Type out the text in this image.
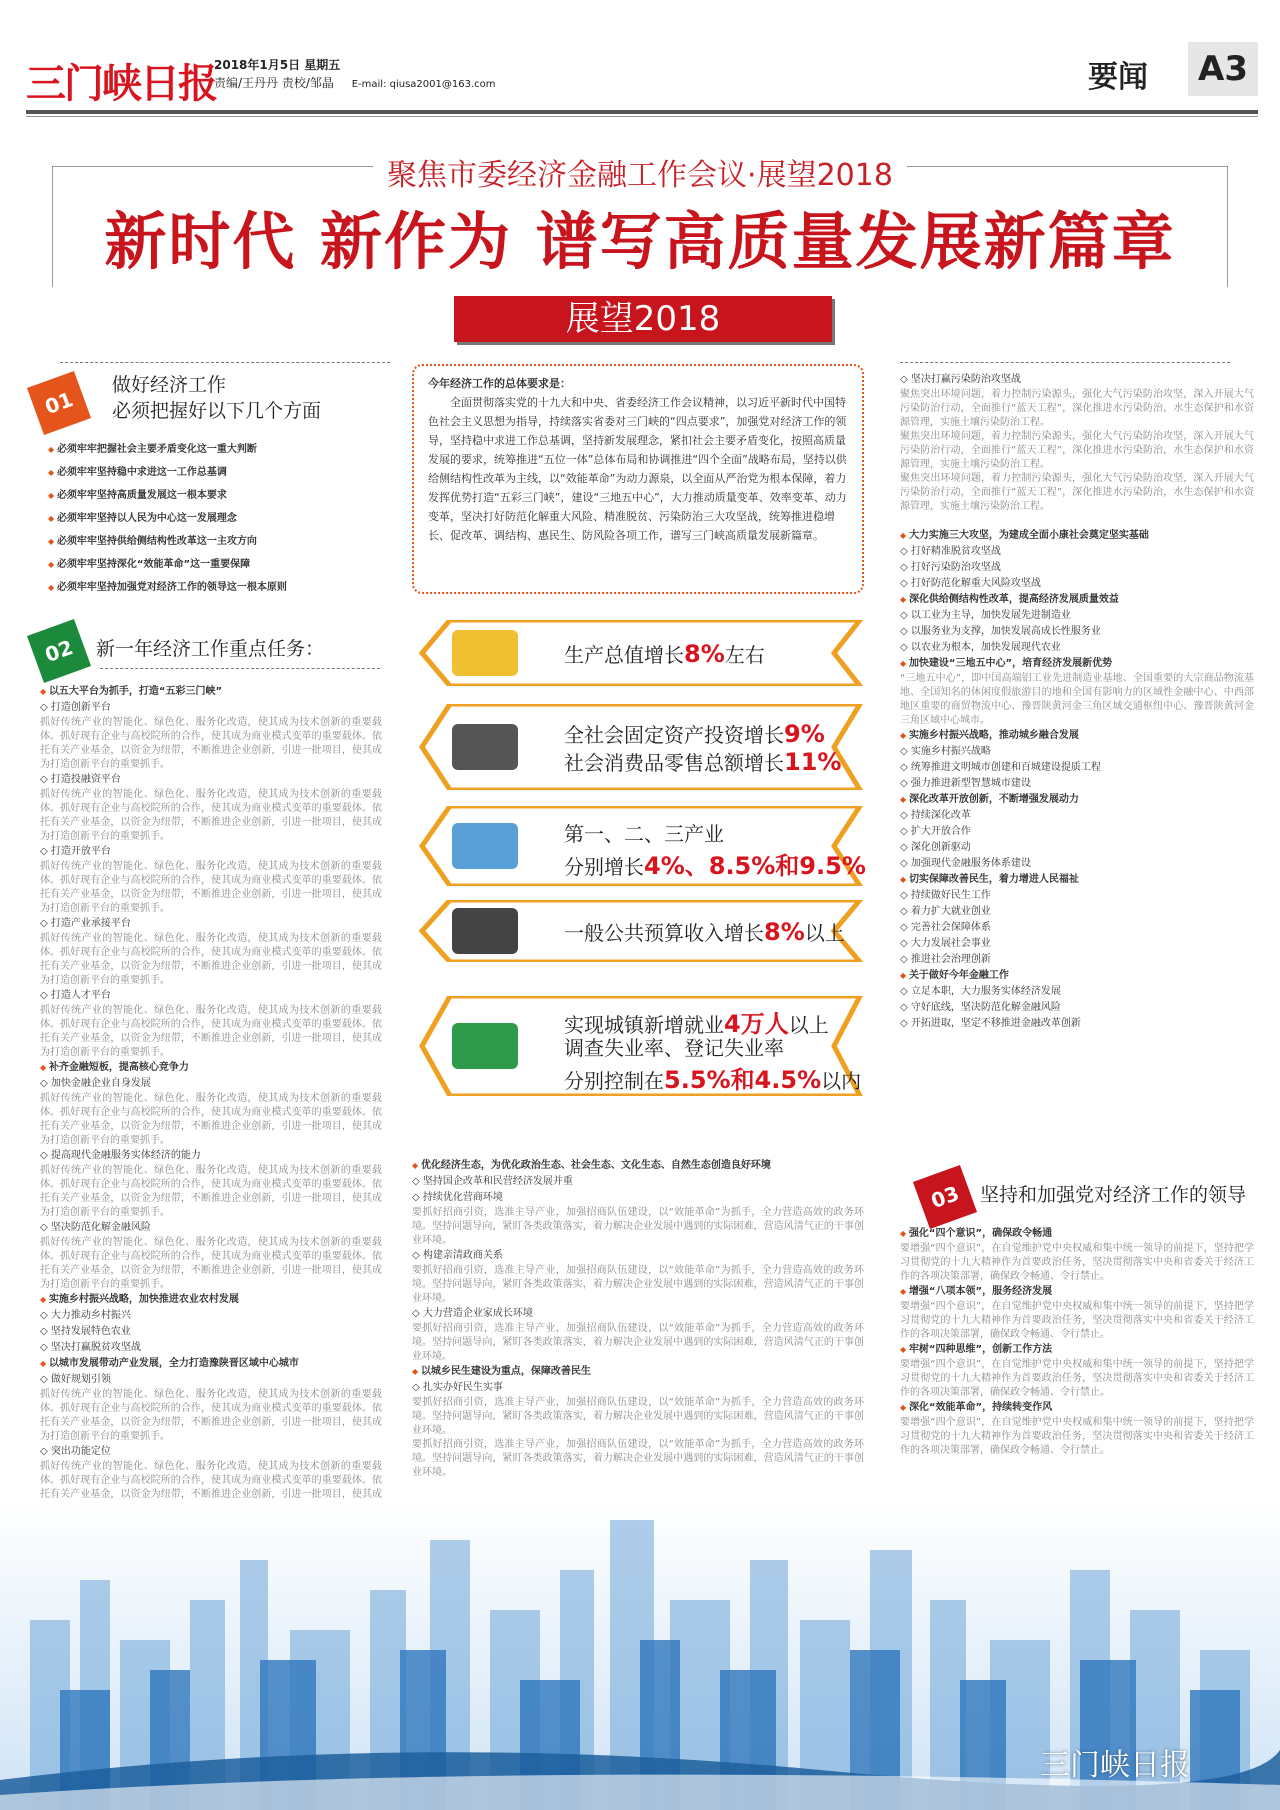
三门峡日报
2018年1月5日 星期五
责编/王丹丹 责校/邹晶 E-mail: qiusa2001@163.com	要闻 A3
聚焦市委经济金融工作会议·展望2018
新时代 新作为 谱写高质量发展新篇章
展望2018
01
做好经济工作
必须把握好以下几个方面
◆ 必须牢牢把握社会主要矛盾变化这一重大判断
◆ 必须牢牢坚持稳中求进这一工作总基调
◆ 必须牢牢坚持高质量发展这一根本要求
◆ 必须牢牢坚持以人民为中心这一发展理念
◆ 必须牢牢坚持供给侧结构性改革这一主攻方向
◆ 必须牢牢坚持深化“效能革命”这一重要保障
◆ 必须牢牢坚持加强党对经济工作的领导这一根本原则
02	新一年经济工作重点任务：
◆ 以五大平台为抓手，打造“五彩三门峡”
◇ 打造创新平台
抓好传统产业的智能化、绿色化、服务化改造，使其成为技术创新的重要载体。抓好现有企业与高校院所的合作，使其成为商业模式变革的重要载体。依托有关产业基金，以资金为纽带，不断推进企业创新，引进一批项目，使其成为打造创新平台的重要抓手。
◇ 打造投融资平台
抓好传统产业的智能化、绿色化、服务化改造，使其成为技术创新的重要载体。抓好现有企业与高校院所的合作，使其成为商业模式变革的重要载体。依托有关产业基金，以资金为纽带，不断推进企业创新，引进一批项目，使其成为打造创新平台的重要抓手。
◇ 打造开放平台
抓好传统产业的智能化、绿色化、服务化改造，使其成为技术创新的重要载体。抓好现有企业与高校院所的合作，使其成为商业模式变革的重要载体。依托有关产业基金，以资金为纽带，不断推进企业创新，引进一批项目，使其成为打造创新平台的重要抓手。
◇ 打造产业承接平台
抓好传统产业的智能化、绿色化、服务化改造，使其成为技术创新的重要载体。抓好现有企业与高校院所的合作，使其成为商业模式变革的重要载体。依托有关产业基金，以资金为纽带，不断推进企业创新，引进一批项目，使其成为打造创新平台的重要抓手。
◇ 打造人才平台
抓好传统产业的智能化、绿色化、服务化改造，使其成为技术创新的重要载体。抓好现有企业与高校院所的合作，使其成为商业模式变革的重要载体。依托有关产业基金，以资金为纽带，不断推进企业创新，引进一批项目，使其成为打造创新平台的重要抓手。
◆ 补齐金融短板，提高核心竞争力
◇ 加快金融企业自身发展
抓好传统产业的智能化、绿色化、服务化改造，使其成为技术创新的重要载体。抓好现有企业与高校院所的合作，使其成为商业模式变革的重要载体。依托有关产业基金，以资金为纽带，不断推进企业创新，引进一批项目，使其成为打造创新平台的重要抓手。
◇ 提高现代金融服务实体经济的能力
抓好传统产业的智能化、绿色化、服务化改造，使其成为技术创新的重要载体。抓好现有企业与高校院所的合作，使其成为商业模式变革的重要载体。依托有关产业基金，以资金为纽带，不断推进企业创新，引进一批项目，使其成为打造创新平台的重要抓手。
◇ 坚决防范化解金融风险
抓好传统产业的智能化、绿色化、服务化改造，使其成为技术创新的重要载体。抓好现有企业与高校院所的合作，使其成为商业模式变革的重要载体。依托有关产业基金，以资金为纽带，不断推进企业创新，引进一批项目，使其成为打造创新平台的重要抓手。
◆ 实施乡村振兴战略，加快推进农业农村发展
◇ 大力推动乡村振兴
◇ 坚持发展特色农业
◇ 坚决打赢脱贫攻坚战
◆ 以城市发展带动产业发展，全力打造豫陕晋区域中心城市
◇ 做好规划引领
抓好传统产业的智能化、绿色化、服务化改造，使其成为技术创新的重要载体。抓好现有企业与高校院所的合作，使其成为商业模式变革的重要载体。依托有关产业基金，以资金为纽带，不断推进企业创新，引进一批项目，使其成为打造创新平台的重要抓手。
◇ 突出功能定位
抓好传统产业的智能化、绿色化、服务化改造，使其成为技术创新的重要载体。抓好现有企业与高校院所的合作，使其成为商业模式变革的重要载体。依托有关产业基金，以资金为纽带，不断推进企业创新，引进一批项目，使其成
◇
◇
今年经济工作的总体要求是：
全面贯彻落实党的十九大和中央、省委经济工作会议精神，以习近平新时代中国特色社会主义思想为指导，持续落实省委对三门峡的“四点要求”，加强党对经济工作的领导，坚持稳中求进工作总基调，坚持新发展理念，紧扣社会主要矛盾变化，按照高质量发展的要求，统筹推进“五位一体”总体布局和协调推进“四个全面”战略布局，坚持以供给侧结构性改革为主线，以“效能革命”为动力源泉，以全面从严治党为根本保障，着力发挥优势打造“五彩三门峡”，建设“三地五中心”，大力推动质量变革、效率变革、动力变革，坚决打好防范化解重大风险、精准脱贫、污染防治三大攻坚战，统筹推进稳增长、促改革、调结构、惠民生、防风险各项工作，谱写三门峡高质量发展新篇章。
生产总值增长8%左右
全社会固定资产投资增长9%
社会消费品零售总额增长11%
第一、二、三产业
分别增长4%、8.5%和9.5%
一般公共预算收入增长8%以上
实现城镇新增就业4万人以上
调查失业率、登记失业率
分别控制在5.5%和4.5%以内
◆ 优化经济生态，为优化政治生态、社会生态、文化生态、自然生态创造良好环境
◇ 坚持国企改革和民营经济发展并重
◇ 持续优化营商环境
要抓好招商引资，选准主导产业，加强招商队伍建设，以“效能革命”为抓手，全力营造高效的政务环境。坚持问题导向，紧盯各类政策落实，着力解决企业发展中遇到的实际困难，营造风清气正的干事创业环境。
◇ 构建亲清政商关系
要抓好招商引资，选准主导产业，加强招商队伍建设，以“效能革命”为抓手，全力营造高效的政务环境。坚持问题导向，紧盯各类政策落实，着力解决企业发展中遇到的实际困难，营造风清气正的干事创业环境。
◇ 大力营造企业家成长环境
要抓好招商引资，选准主导产业，加强招商队伍建设，以“效能革命”为抓手，全力营造高效的政务环境。坚持问题导向，紧盯各类政策落实，着力解决企业发展中遇到的实际困难，营造风清气正的干事创业环境。
◆ 以城乡民生建设为重点，保障改善民生
◇ 扎实办好民生实事
要抓好招商引资，选准主导产业，加强招商队伍建设，以“效能革命”为抓手，全力营造高效的政务环境。坚持问题导向，紧盯各类政策落实，着力解决企业发展中遇到的实际困难，营造风清气正的干事创业环境。
要抓好招商引资，选准主导产业，加强招商队伍建设，以“效能革命”为抓手，全力营造高效的政务环境。坚持问题导向，紧盯各类政策落实，着力解决企业发展中遇到的实际困难，营造风清气正的干事创业环境。
◇ 坚决打赢污染防治攻坚战
聚焦突出环境问题，着力控制污染源头，强化大气污染防治攻坚，深入开展大气污染防治行动，全面推行“蓝天工程”，深化推进水污染防治，水生态保护和水资源管理，实施土壤污染防治工程。
聚焦突出环境问题，着力控制污染源头，强化大气污染防治攻坚，深入开展大气污染防治行动，全面推行“蓝天工程”，深化推进水污染防治，水生态保护和水资源管理，实施土壤污染防治工程。
聚焦突出环境问题，着力控制污染源头，强化大气污染防治攻坚，深入开展大气污染防治行动，全面推行“蓝天工程”，深化推进水污染防治，水生态保护和水资源管理，实施土壤污染防治工程。
◆ 大力实施三大攻坚，为建成全面小康社会奠定坚实基础
◇ 打好精准脱贫攻坚战
◇ 打好污染防治攻坚战
◇ 打好防范化解重大风险攻坚战
◆ 深化供给侧结构性改革，提高经济发展质量效益
◇ 以工业为主导，加快发展先进制造业
◇ 以服务业为支撑，加快发展高成长性服务业
◇ 以农业为根本，加快发展现代农业
◆ 加快建设“三地五中心”，培育经济发展新优势
“三地五中心”，即中国高端铝工业先进制造业基地、全国重要的大宗商品物流基地、全国知名的休闲度假旅游目的地和全国有影响力的区域性金融中心、中西部地区重要的商贸物流中心、豫晋陕黄河金三角区域交通枢纽中心、豫晋陕黄河金三角区域中心城市。
◆ 实施乡村振兴战略，推动城乡融合发展
◇ 实施乡村振兴战略
◇ 统筹推进文明城市创建和百城建设提质工程
◇ 强力推进新型智慧城市建设
◆ 深化改革开放创新，不断增强发展动力
◇ 持续深化改革
◇ 扩大开放合作
◇ 深化创新驱动
◇ 加强现代金融服务体系建设
◆ 切实保障改善民生，着力增进人民福祉
◇ 持续做好民生工作
◇ 着力扩大就业创业
◇ 完善社会保障体系
◇ 大力发展社会事业
◇ 推进社会治理创新
◆ 关于做好今年金融工作
◇ 立足本职，大力服务实体经济发展
◇ 守好底线，坚决防范化解金融风险
◇ 开拓进取，坚定不移推进金融改革创新
03 坚持和加强党对经济工作的领导
◆ 强化“四个意识”，确保政令畅通
要增强“四个意识”，在自觉维护党中央权威和集中统一领导的前提下，坚持把学习贯彻党的十九大精神作为首要政治任务，坚决贯彻落实中央和省委关于经济工作的各项决策部署，确保政令畅通、令行禁止。
◆ 增强“八项本领”，服务经济发展
要增强“四个意识”，在自觉维护党中央权威和集中统一领导的前提下，坚持把学习贯彻党的十九大精神作为首要政治任务，坚决贯彻落实中央和省委关于经济工作的各项决策部署，确保政令畅通、令行禁止。
◆ 牢树“四种思维”，创新工作方法
要增强“四个意识”，在自觉维护党中央权威和集中统一领导的前提下，坚持把学习贯彻党的十九大精神作为首要政治任务，坚决贯彻落实中央和省委关于经济工作的各项决策部署，确保政令畅通、令行禁止。
◆ 深化“效能革命”，持续转变作风
要增强“四个意识”，在自觉维护党中央权威和集中统一领导的前提下，坚持把学习贯彻党的十九大精神作为首要政治任务，坚决贯彻落实中央和省委关于经济工作的各项决策部署，确保政令畅通、令行禁止。
三门峡日报
